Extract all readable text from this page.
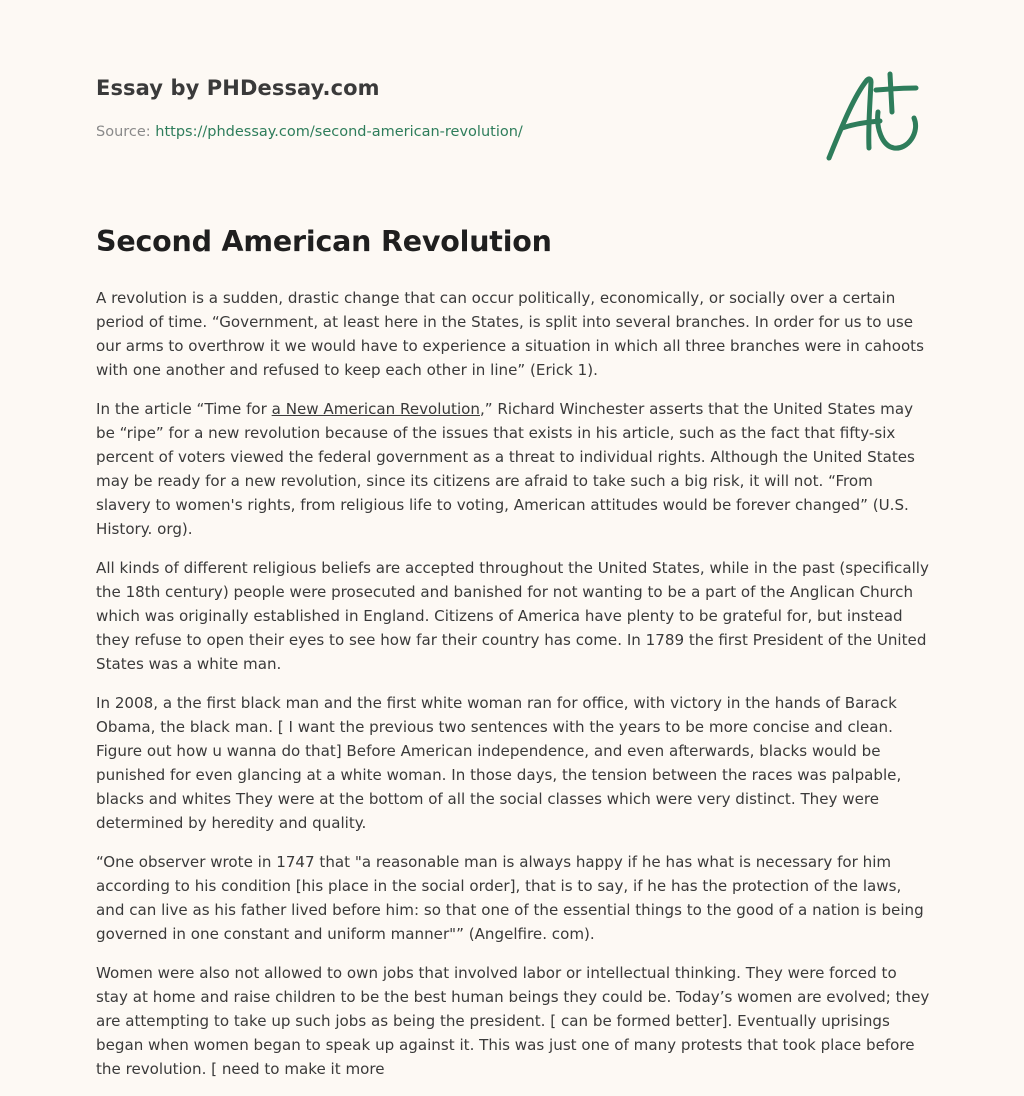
Essay by PHDessay.com
Source: https://phdessay.com/second-american-revolution/
Second American Revolution

A revolution is a sudden, drastic change that can occur politically, economically, or socially over a certain period of time. “Government, at least here in the States, is split into several branches. In order for us to use our arms to overthrow it we would have to experience a situation in which all three branches were in cahoots with one another and refused to keep each other in line” (Erick 1).

In the article “Time for a New American Revolution,” Richard Winchester asserts that the United States may be “ripe” for a new revolution because of the issues that exists in his article, such as the fact that fifty-six percent of voters viewed the federal government as a threat to individual rights. Although the United States may be ready for a new revolution, since its citizens are afraid to take such a big risk, it will not. “From slavery to women's rights, from religious life to voting, American attitudes would be forever changed” (U.S. History. org).

All kinds of different religious beliefs are accepted throughout the United States, while in the past (specifically the 18th century) people were prosecuted and banished for not wanting to be a part of the Anglican Church which was originally established in England. Citizens of America have plenty to be grateful for, but instead they refuse to open their eyes to see how far their country has come. In 1789 the first President of the United States was a white man.

In 2008, a the first black man and the first white woman ran for office, with victory in the hands of Barack Obama, the black man. [ I want the previous two sentences with the years to be more concise and clean. Figure out how u wanna do that] Before American independence, and even afterwards, blacks would be punished for even glancing at a white woman. In those days, the tension between the races was palpable, blacks and whites They were at the bottom of all the social classes which were very distinct. They were determined by heredity and quality.

“One observer wrote in 1747 that "a reasonable man is always happy if he has what is necessary for him according to his condition [his place in the social order], that is to say, if he has the protection of the laws, and can live as his father lived before him: so that one of the essential things to the good of a nation is being governed in one constant and uniform manner"” (Angelfire. com).

Women were also not allowed to own jobs that involved labor or intellectual thinking. They were forced to stay at home and raise children to be the best human beings they could be. Today’s women are evolved; they are attempting to take up such jobs as being the president. [ can be formed better]. Eventually uprisings began when women began to speak up against it. This was just one of many protests that took place before the revolution. [ need to make it more
